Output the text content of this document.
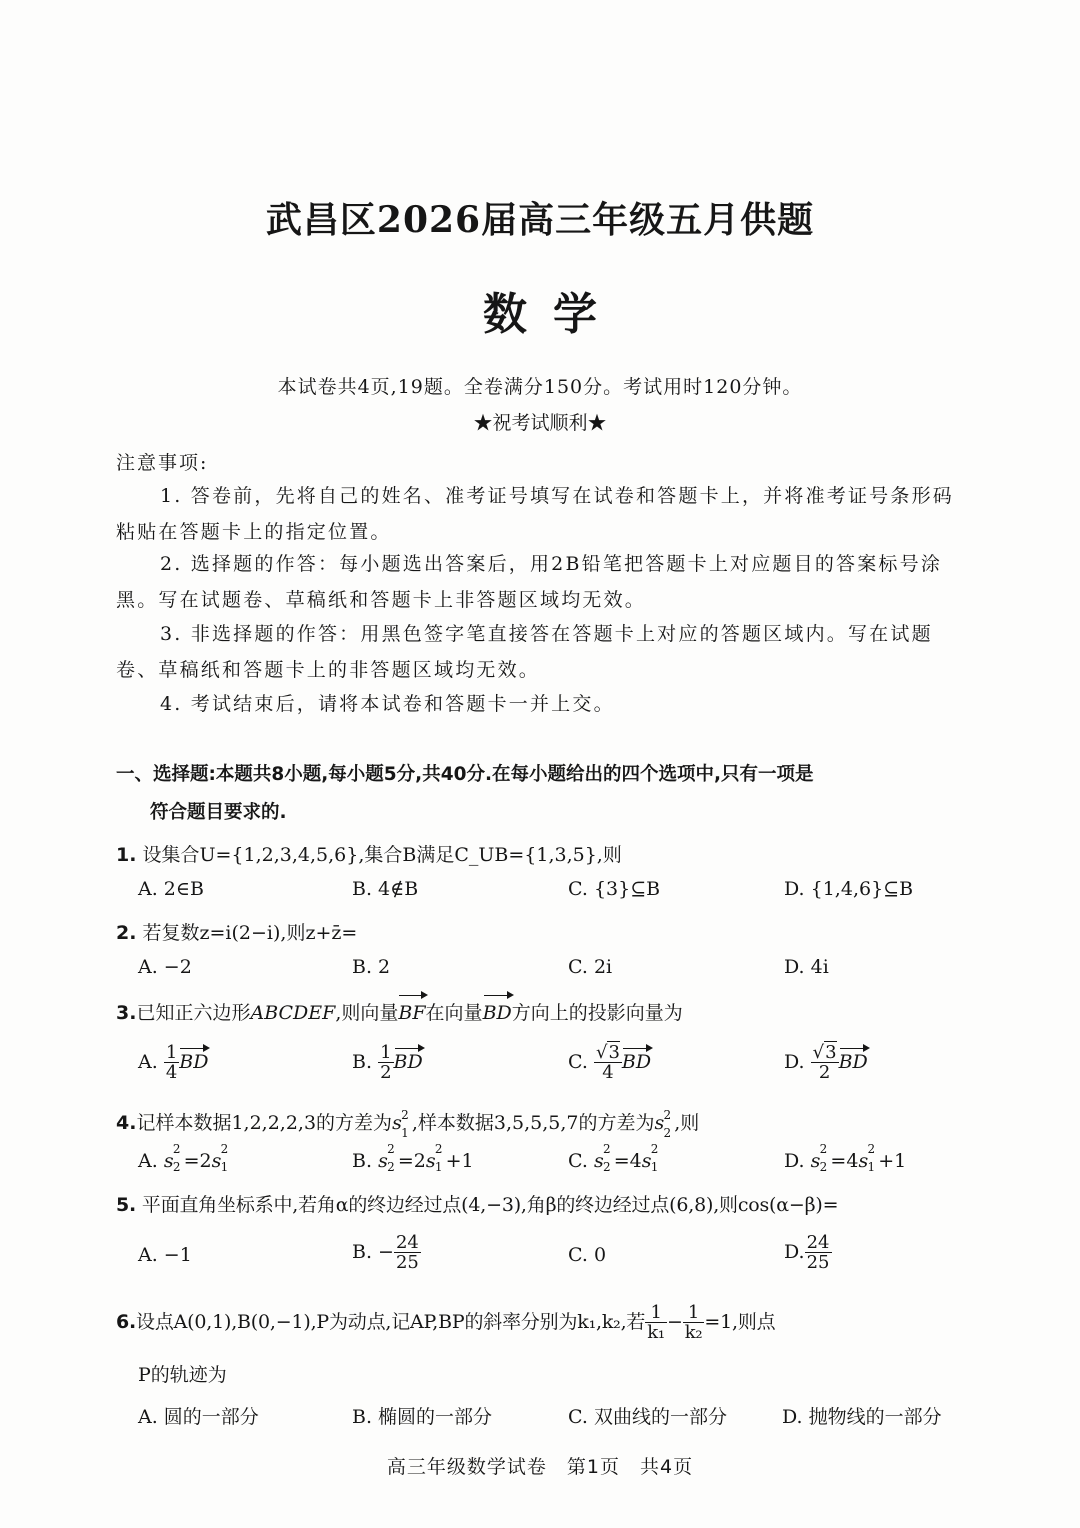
武昌区2026届高三年级五月供题
数学
本试卷共4页,19题。全卷满分150分。考试用时120分钟。
★祝考试顺利★
注意事项:

1. 答卷前，先将自己的姓名、准考证号填写在试卷和答题卡上，并将准考证号条形码粘贴在答题卡上的指定位置。

2. 选择题的作答：每小题选出答案后，用2B铅笔把答题卡上对应题目的答案标号涂黑。写在试题卷、草稿纸和答题卡上非答题区域均无效。

3. 非选择题的作答：用黑色签字笔直接答在答题卡上对应的答题区域内。写在试题卷、草稿纸和答题卡上的非答题区域均无效。

4. 考试结束后，请将本试卷和答题卡一并上交。

一、选择题:本题共8小题,每小题5分,共40分.在每小题给出的四个选项中,只有一项是
符合题目要求的.
1. 设集合U={1,2,3,4,5,6},集合B满足C_UB={1,3,5},则
A. 2∈B	B. 4∉B	C. {3}⊆B	D. {1,4,6}⊆B
2. 若复数z=i(2−i),则z+z̄=
A. −2	B. 2	C. 2i	D. 4i
3.已知正六边形ABCDEF,则向量BF在向量BD方向上的投影向量为
A. $\frac{1}{4}$ BD	B. $\frac{1}{2}$ BD	C. $\frac{√3}{4}$ BD	D. $\frac{√3}{2}$ BD
4.记样本数据1,2,2,2,3的方差为s 2
1 ,样本数据3,5,5,5,7的方差为s 2
2 ,则
A. s
2
2 =2s
2
1	B. s
2
2 =2s
2
1 +1	C. s
2
2 =4s
2
1	D. s
2
2 =4s
2
1 +1
5. 平面直角坐标系中,若角α的终边经过点(4,−3),角β的终边经过点(6,8),则cos(α−β)=
A. −1	B. − $\frac{24}{25}$	C. 0	D. $\frac{24}{25}$
6.设点A(0,1),B(0,−1),P为动点,记AP,BP的斜率分别为k₁,k₂,若 $\frac{1}{\text{k₁}} - \frac{1}{\text{k₂}} =1$,则点
P的轨迹为
A. 圆的一部分	B. 椭圆的一部分	C. 双曲线的一部分	D. 抛物线的一部分
高三年级数学试卷　第1页　共4页
